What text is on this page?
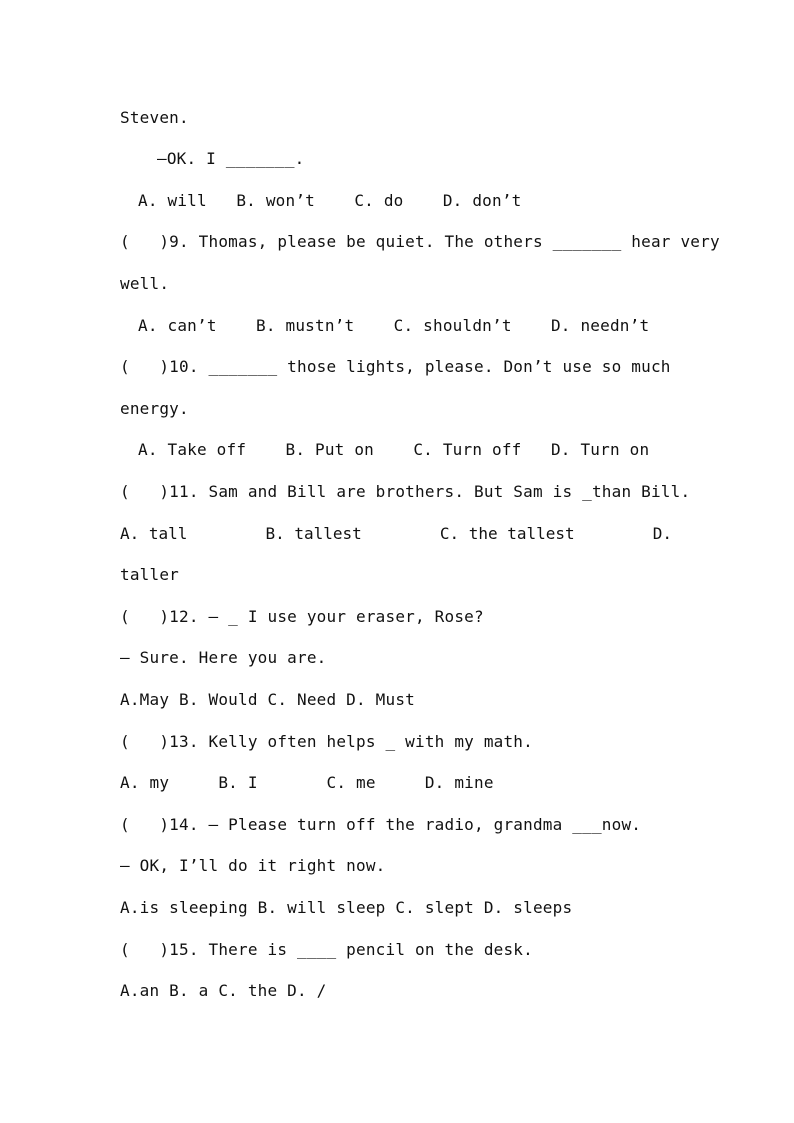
Steven.
—OK. I _______.
A. will   B. won’t    C. do    D. don’t
(   )9. Thomas, please be quiet. The others _______ hear very
well.
A. can’t    B. mustn’t    C. shouldn’t    D. needn’t
(   )10. _______ those lights, please. Don’t use so much
energy.
A. Take off    B. Put on    C. Turn off   D. Turn on
(   )11. Sam and Bill are brothers. But Sam is _than Bill.
A. tall	B. tallest	C. the tallest	D.
taller
(   )12. — _ I use your eraser, Rose?
— Sure. Here you are.
A.May B. Would C. Need D. Must
(   )13. Kelly often helps _ with my math.
A. my     B. I       C. me     D. mine
(   )14. — Please turn off the radio, grandma ___now.
— OK, I’ll do it right now.
A.is sleeping B. will sleep C. slept D. sleeps
(   )15. There is ____ pencil on the desk.
A.an B. a C. the D. /
